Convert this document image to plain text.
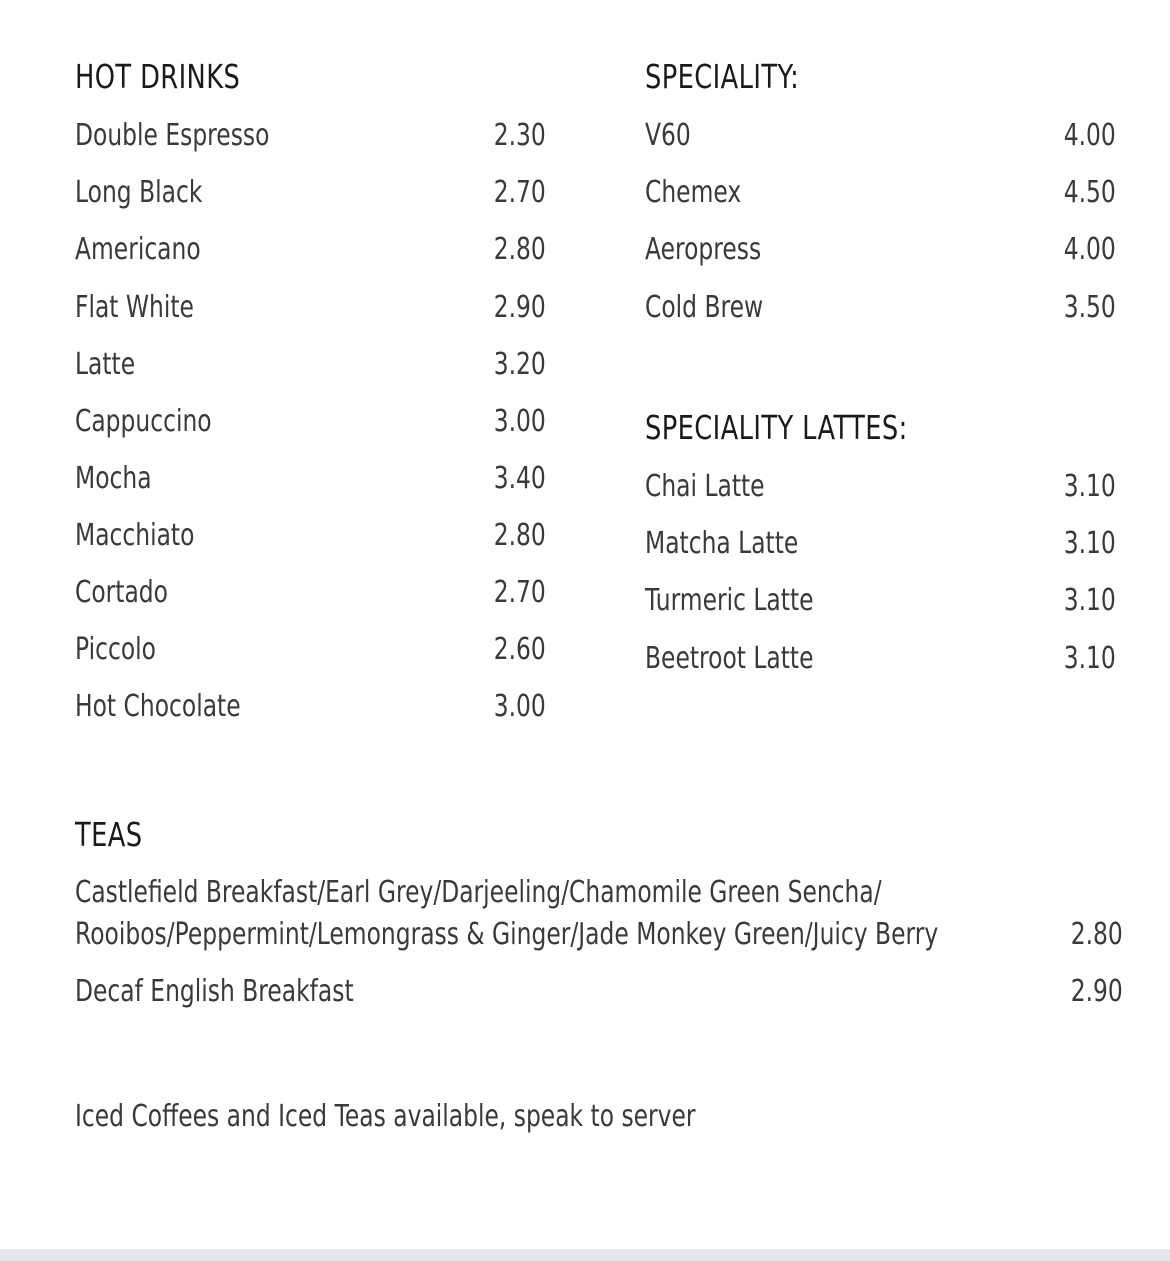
HOT DRINKS
Double Espresso	2.30
Long Black	2.70
Americano	2.80
Flat White	2.90
Latte	3.20
Cappuccino	3.00
Mocha	3.40
Macchiato	2.80
Cortado	2.70
Piccolo	2.60
Hot Chocolate	3.00
SPECIALITY:
V60	4.00
Chemex	4.50
Aeropress	4.00
Cold Brew	3.50
SPECIALITY LATTES:
Chai Latte	3.10
Matcha Latte	3.10
Turmeric Latte	3.10
Beetroot Latte	3.10
TEAS
Castlefield Breakfast/Earl Grey/Darjeeling/Chamomile Green Sencha/
Rooibos/Peppermint/Lemongrass & Ginger/Jade Monkey Green/Juicy Berry	2.80
Decaf English Breakfast	2.90
Iced Coffees and Iced Teas available, speak to server
